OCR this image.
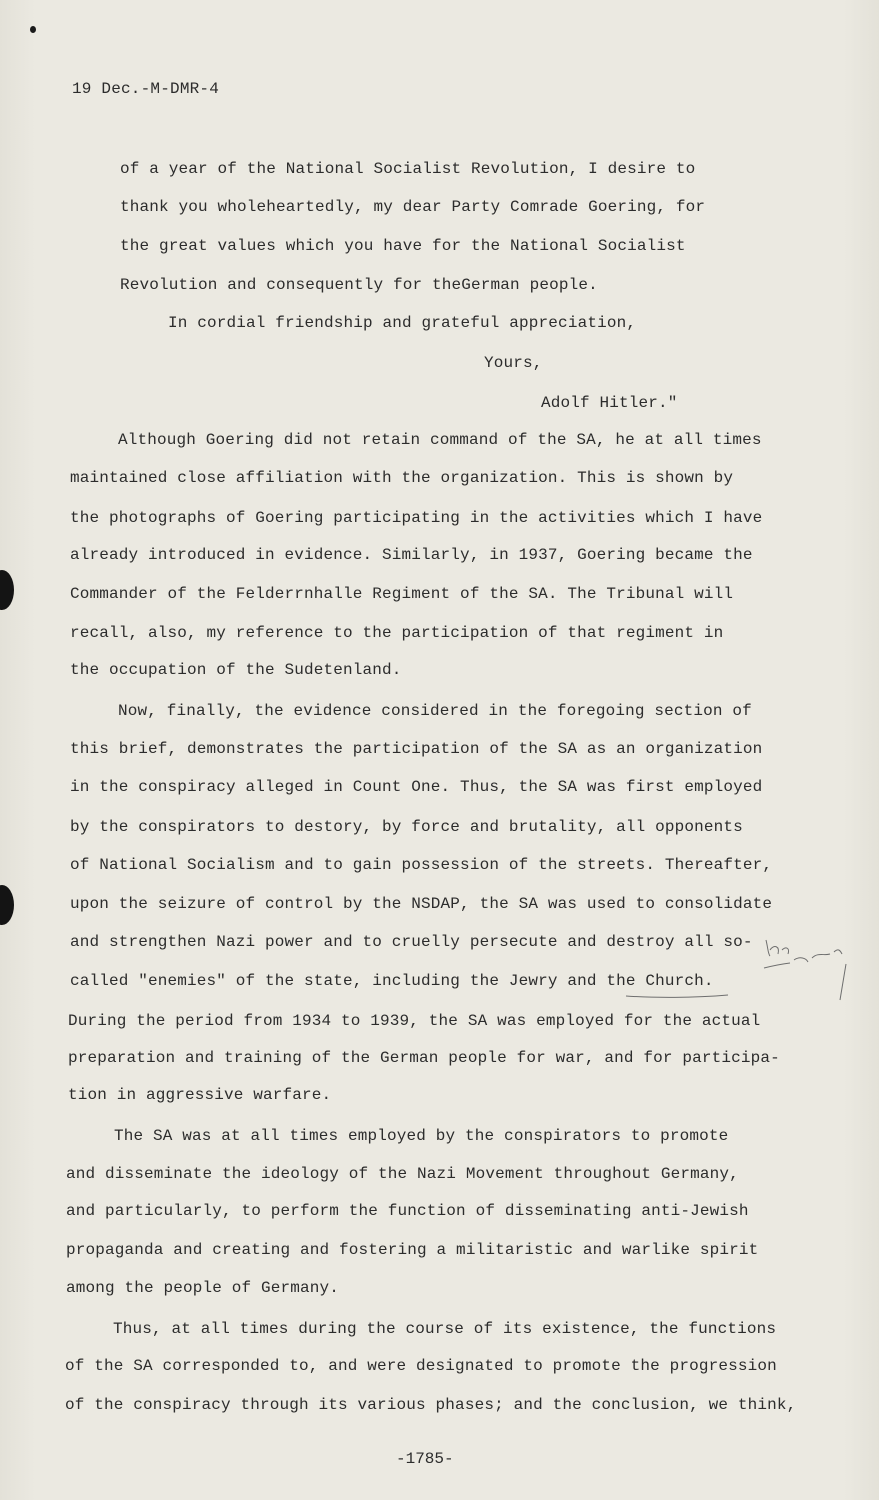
19 Dec.-M-DMR-4
of a year of the National Socialist Revolution, I desire to
thank you wholeheartedly, my dear Party Comrade Goering, for
the great values which you have for the National Socialist
Revolution and consequently for theGerman people.
In cordial friendship and grateful appreciation,
Yours,
Adolf Hitler."
Although Goering did not retain command of the SA, he at all times
maintained close affiliation with the organization. This is shown by
the photographs of Goering participating in the activities which I have
already introduced in evidence. Similarly, in 1937, Goering became the
Commander of the Felderrnhalle Regiment of the SA. The Tribunal will
recall, also, my reference to the participation of that regiment in
the occupation of the Sudetenland.
Now, finally, the evidence considered in the foregoing section of
this brief, demonstrates the participation of the SA as an organization
in the conspiracy alleged in Count One. Thus, the SA was first employed
by the conspirators to destory, by force and brutality, all opponents
of National Socialism and to gain possession of the streets. Thereafter,
upon the seizure of control by the NSDAP, the SA was used to consolidate
and strengthen Nazi power and to cruelly persecute and destroy all so-
called "enemies" of the state, including the Jewry and the Church.
During the period from 1934 to 1939, the SA was employed for the actual
preparation and training of the German people for war, and for participa-
tion in aggressive warfare.
The SA was at all times employed by the conspirators to promote
and disseminate the ideology of the Nazi Movement throughout Germany,
and particularly, to perform the function of disseminating anti-Jewish
propaganda and creating and fostering a militaristic and warlike spirit
among the people of Germany.
Thus, at all times during the course of its existence, the functions
of the SA corresponded to, and were designated to promote the progression
of the conspiracy through its various phases; and the conclusion, we think,
-1785-
